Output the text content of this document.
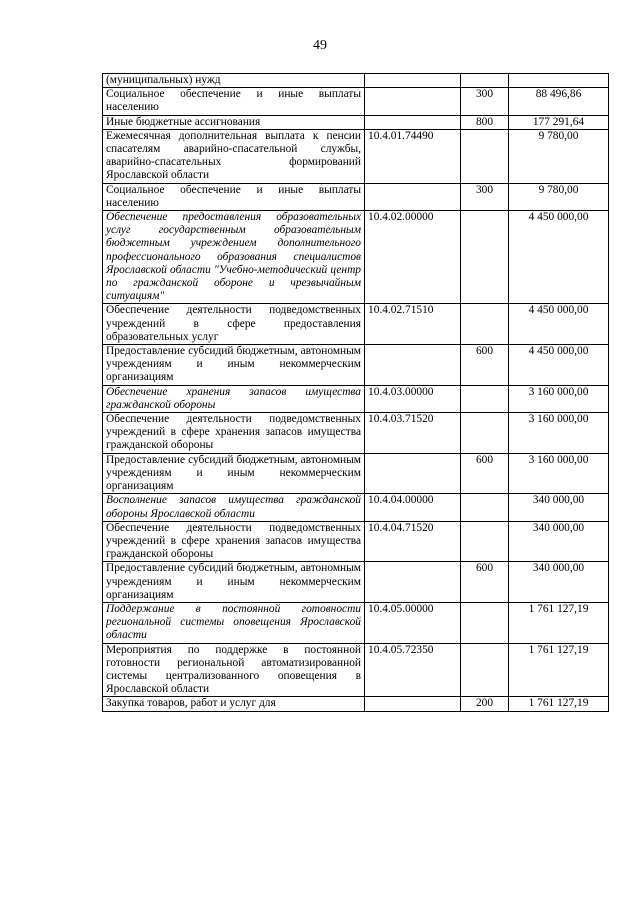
49
(муниципальных) нужд			
Социальное обеспечение и иные выплаты населению		300	88 496,86
Иные бюджетные ассигнования		800	177 291,64
Ежемесячная дополнительная выплата к пенсии спасателям аварийно-спасательной службы, аварийно-спасательных формирований Ярославской области	10.4.01.74490		9 780,00
Социальное обеспечение и иные выплаты населению		300	9 780,00
Обеспечение предоставления образовательных услуг государственным образовательным бюджетным учреждением дополнительного профессионального образования специалистов Ярославской области "Учебно-методический центр по гражданской обороне и чрезвычайным ситуациям"	10.4.02.00000		4 450 000,00
Обеспечение деятельности подведомственных учреждений в сфере предоставления образовательных услуг	10.4.02.71510		4 450 000,00
Предоставление субсидий бюджетным, автономным учреждениям и иным некоммерческим организациям		600	4 450 000,00
Обеспечение хранения запасов имущества гражданской обороны	10.4.03.00000		3 160 000,00
Обеспечение деятельности подведомственных учреждений в сфере хранения запасов имущества гражданской обороны	10.4.03.71520		3 160 000,00
Предоставление субсидий бюджетным, автономным учреждениям и иным некоммерческим организациям		600	3 160 000,00
Восполнение запасов имущества гражданской обороны Ярославской области	10.4.04.00000		340 000,00
Обеспечение деятельности подведомственных учреждений в сфере хранения запасов имущества гражданской обороны	10.4.04.71520		340 000,00
Предоставление субсидий бюджетным, автономным учреждениям и иным некоммерческим организациям		600	340 000,00
Поддержание в постоянной готовности региональной системы оповещения Ярославской области	10.4.05.00000		1 761 127,19
Мероприятия по поддержке в постоянной готовности региональной автоматизированной системы централизованного оповещения в Ярославской области	10.4.05.72350		1 761 127,19
Закупка товаров, работ и услуг для		200	1 761 127,19
